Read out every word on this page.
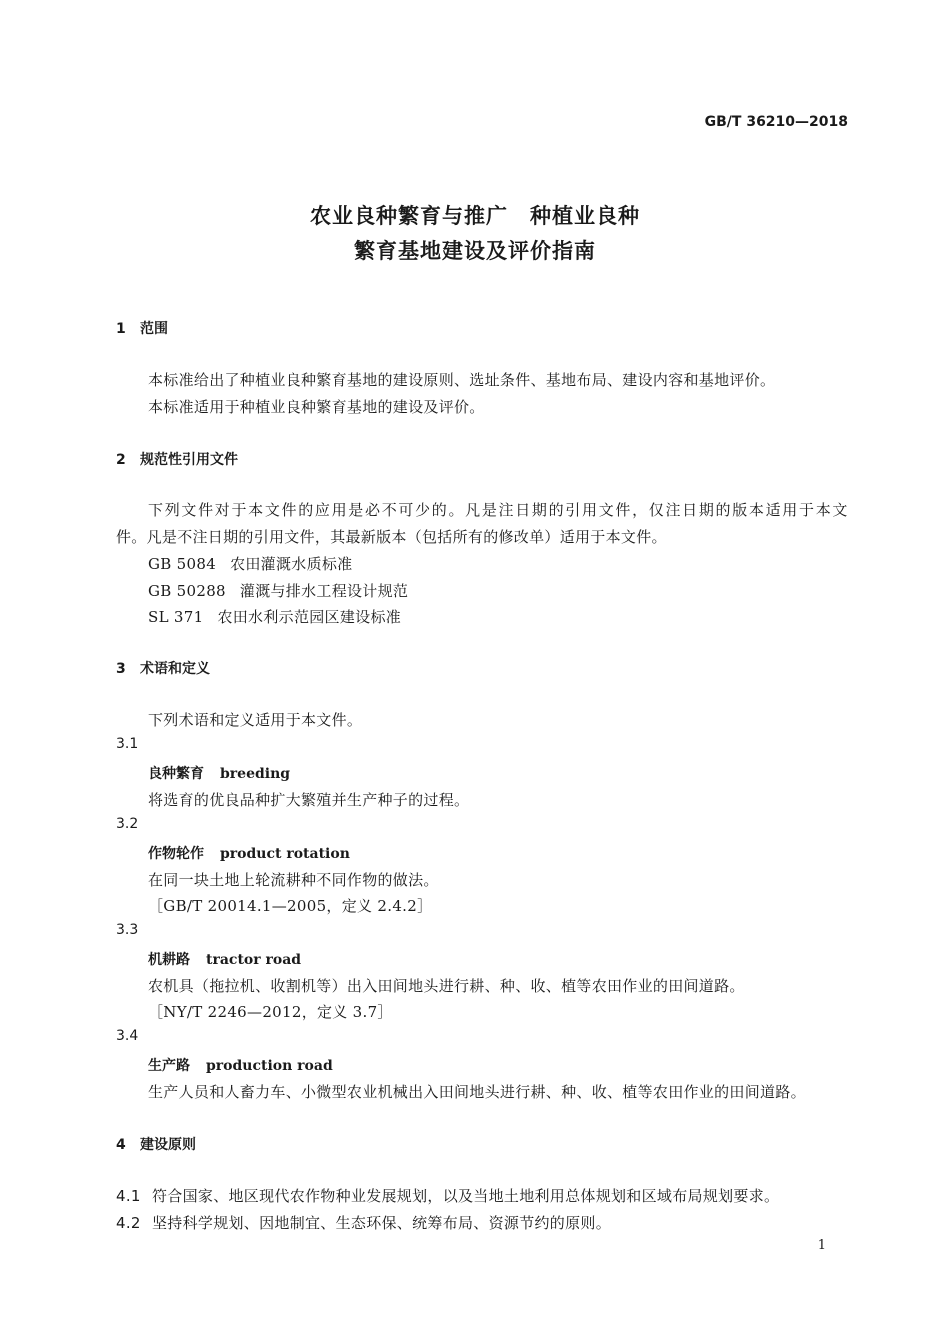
GB/T 36210—2018
农业良种繁育与推广　种植业良种
繁育基地建设及评价指南
1 范围
本标准给出了种植业良种繁育基地的建设原则、选址条件、基地布局、建设内容和基地评价。
本标准适用于种植业良种繁育基地的建设及评价。
2 规范性引用文件
下列文件对于本文件的应用是必不可少的。凡是注日期的引用文件，仅注日期的版本适用于本文
件。凡是不注日期的引用文件，其最新版本（包括所有的修改单）适用于本文件。
GB 5084 农田灌溉水质标准
GB 50288 灌溉与排水工程设计规范
SL 371 农田水利示范园区建设标准
3 术语和定义
下列术语和定义适用于本文件。
3.1
良种繁育 breeding
将选育的优良品种扩大繁殖并生产种子的过程。
3.2
作物轮作 product rotation
在同一块土地上轮流耕种不同作物的做法。
［GB/T 20014.1—2005，定义 2.4.2］
3.3
机耕路 tractor road
农机具（拖拉机、收割机等）出入田间地头进行耕、种、收、植等农田作业的田间道路。
［NY/T 2246—2012，定义 3.7］
3.4
生产路 production road
生产人员和人畜力车、小微型农业机械出入田间地头进行耕、种、收、植等农田作业的田间道路。
4 建设原则
4.1 符合国家、地区现代农作物种业发展规划，以及当地土地利用总体规划和区域布局规划要求。
4.2 坚持科学规划、因地制宜、生态环保、统筹布局、资源节约的原则。
1
